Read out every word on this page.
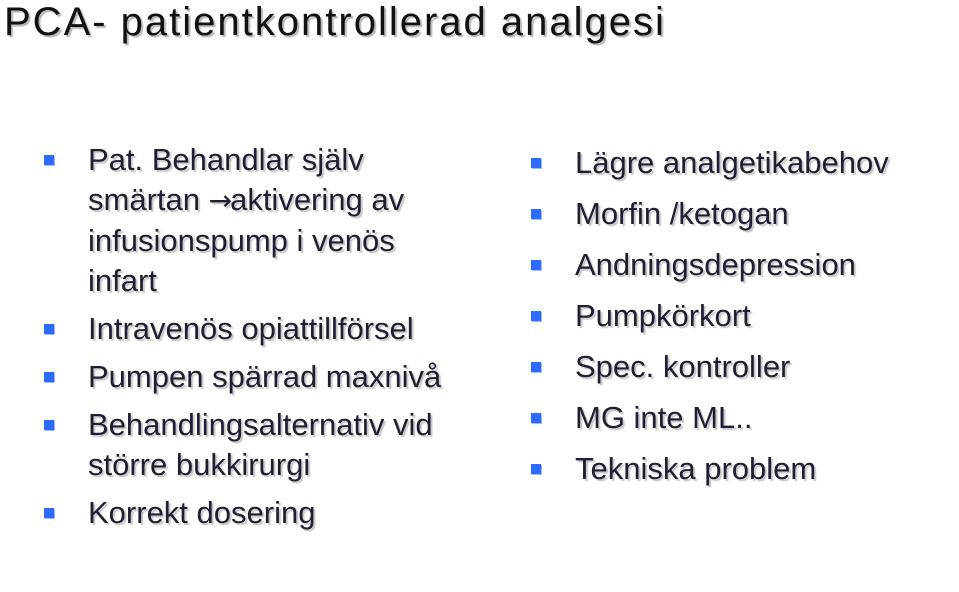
PCA- patientkontrollerad analgesi
Pat. Behandlar själv smärtan →aktivering av infusionspump i venös infart
Intravenös opiattillförsel
Pumpen spärrad maxnivå
Behandlingsalternativ vid större bukkirurgi
Korrekt dosering
Lägre analgetikabehov
Morfin /ketogan
Andningsdepression
Pumpkörkort
Spec. kontroller
MG inte ML..
Tekniska problem
